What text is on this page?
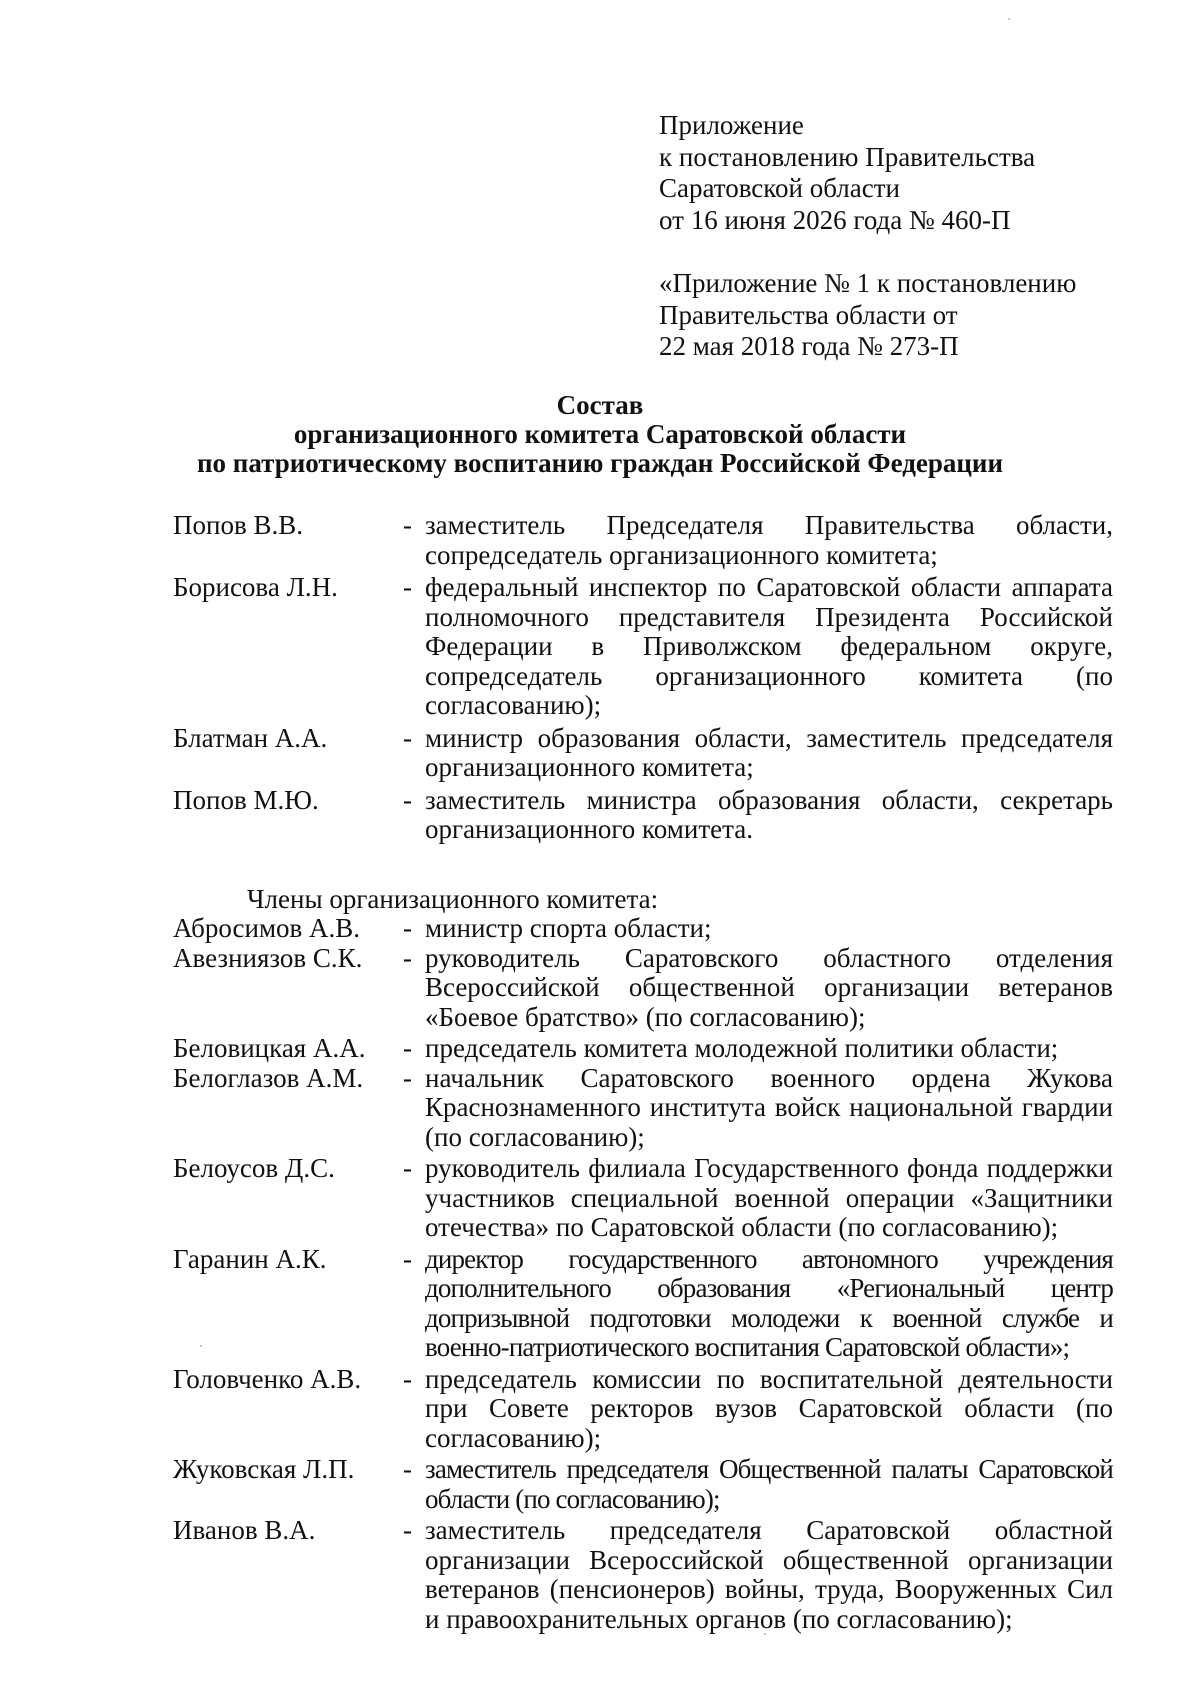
Приложение
к постановлению Правительства
Саратовской области
от 16 июня 2026 года № 460-П
«Приложение № 1 к постановлению
Правительства области от
22 мая 2018 года № 273-П
Состав
организационного комитета Саратовской области
по патриотическому воспитанию граждан Российской Федерации
Попов В.В.	- заместитель Председателя Правительства области, сопредседатель организационного комитета;
Борисова Л.Н.	- федеральный инспектор по Саратовской области аппарата полномочного представителя Президента Российской Федерации в Приволжском федеральном округе, сопредседатель организационного комитета (по согласованию);
Блатман А.А.	- министр образования области, заместитель председателя организационного комитета;
Попов М.Ю.	- заместитель министра образования области, секретарь организационного комитета.
Члены организационного комитета:
Абросимов А.В.	- министр спорта области;
Авезниязов С.К.	- руководитель Саратовского областного отделения Всероссийской общественной организации ветеранов «Боевое братство» (по согласованию);
Беловицкая А.А.	- председатель комитета молодежной политики области;
Белоглазов А.М.	- начальник Саратовского военного ордена Жукова Краснознаменного института войск национальной гвардии (по согласованию);
Белоусов Д.С.	- руководитель филиала Государственного фонда поддержки участников специальной военной операции «Защитники отечества» по Саратовской области (по согласованию);
Гаранин А.К.	- директор государственного автономного учреждения дополнительного образования «Региональный центр допризывной подготовки молодежи к военной службе и военно-патриотического воспитания Саратовской области»;
Головченко А.В.	- председатель комиссии по воспитательной деятельности при Совете ректоров вузов Саратовской области (по согласованию);
Жуковская Л.П.	- заместитель председателя Общественной палаты Саратовской области (по согласованию);
Иванов В.А.	- заместитель председателя Саратовской областной организации Всероссийской общественной организации ветеранов (пенсионеров) войны, труда, Вооруженных Сил и правоохранительных органов (по согласованию);
